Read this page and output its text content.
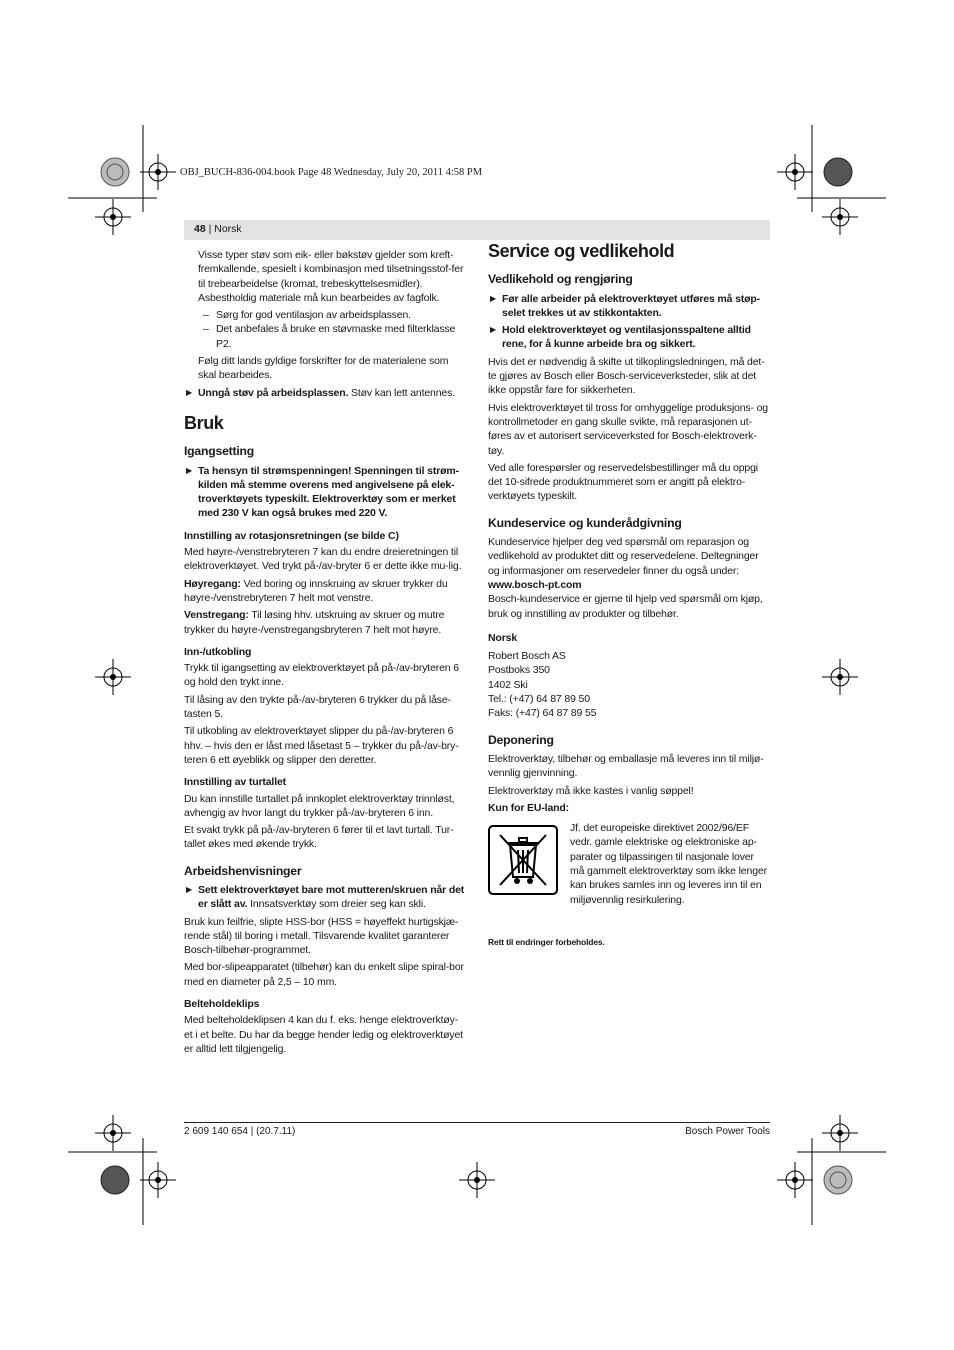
OBJ_BUCH-836-004.book Page 48 Wednesday, July 20, 2011 4:58 PM
48 | Norsk

Visse typer støv som eik- eller bøkstøv gjelder som kreft-fremkallende, spesielt i kombinasjon med tilsetningsstof-fer til trebearbeidelse (kromat, trebeskyttelsesmidler). Asbestholdig materiale må kun bearbeides av fagfolk.

– Sørg for god ventilasjon av arbeidsplassen.

– Det anbefales å bruke en støvmaske med filterklasse P2.

Følg ditt lands gyldige forskrifter for de materialene som skal bearbeides.

▶ Unngå støv på arbeidsplassen. Støv kan lett antennes.

Bruk
Igangsetting

▶ Ta hensyn til strømspenningen! Spenningen til strøm-kilden må stemme overens med angivelsene på elek-troverktøyets typeskilt. Elektroverktøy som er merket med 230 V kan også brukes med 220 V.

Innstilling av rotasjonsretningen (se bilde C)

Med høyre-/venstrebryteren 7 kan du endre dreieretningen til elektroverktøyet. Ved trykt på-/av-bryter 6 er dette ikke mu-lig.

Høyregang: Ved boring og innskruing av skruer trykker du høyre-/venstrebryteren 7 helt mot venstre.

Venstregang: Til løsing hhv. utskruing av skruer og mutre trykker du høyre-/venstregangsbryteren 7 helt mot høyre.

Inn-/utkobling

Trykk til igangsetting av elektroverktøyet på på-/av-bryteren 6 og hold den trykt inne.

Til låsing av den trykte på-/av-bryteren 6 trykker du på låse-tasten 5.

Til utkobling av elektroverktøyet slipper du på-/av-bryteren 6 hhv. – hvis den er låst med låsetast 5 – trykker du på-/av-bry-teren 6 ett øyeblikk og slipper den deretter.

Innstilling av turtallet

Du kan innstille turtallet på innkoplet elektroverktøy trinnløst, avhengig av hvor langt du trykker på-/av-bryteren 6 inn.

Et svakt trykk på på-/av-bryteren 6 fører til et lavt turtall. Tur-tallet økes med økende trykk.

Arbeidshenvisninger

▶ Sett elektroverktøyet bare mot mutteren/skruen når det er slått av. Innsatsverktøy som dreier seg kan skli.

Bruk kun feilfrie, slipte HSS-bor (HSS = høyeffekt hurtigskjæ-rende stål) til boring i metall. Tilsvarende kvalitet garanterer Bosch-tilbehør-programmet.

Med bor-slipeapparatet (tilbehør) kan du enkelt slipe spiral-bor med en diameter på 2,5 – 10 mm.

Belteholdeklips

Med belteholdeklipsen 4 kan du f. eks. henge elektroverktøy-et i et belte. Du har da begge hender ledig og elektroverktøyet er alltid lett tilgjengelig.

Service og vedlikehold
Vedlikehold og rengjøring

▶ Før alle arbeider på elektroverktøyet utføres må støp-selet trekkes ut av stikkontakten.

▶ Hold elektroverktøyet og ventilasjonsspaltene alltid rene, for å kunne arbeide bra og sikkert.

Hvis det er nødvendig å skifte ut tilkoplingsledningen, må det-te gjøres av Bosch eller Bosch-serviceverksteder, slik at det ikke oppstår fare for sikkerheten.

Hvis elektroverktøyet til tross for omhyggelige produksjons- og kontrollmetoder en gang skulle svikte, må reparasjonen ut-føres av et autorisert serviceverksted for Bosch-elektroverk-tøy.

Ved alle forespørsler og reservedelsbestillinger må du oppgi det 10-sifrede produktnummeret som er angitt på elektro-verktøyets typeskilt.

Kundeservice og kunderådgivning

Kundeservice hjelper deg ved spørsmål om reparasjon og vedlikehold av produktet ditt og reservedelene. Deltegninger og informasjoner om reservedeler finner du også under:

www.bosch-pt.com

Bosch-kundeservice er gjerne til hjelp ved spørsmål om kjøp, bruk og innstilling av produkter og tilbehør.

Norsk
Robert Bosch AS
Postboks 350
1402 Ski
Tel.: (+47) 64 87 89 50
Faks: (+47) 64 87 89 55
Deponering

Elektroverktøy, tilbehør og emballasje må leveres inn til miljø-vennlig gjenvinning.

Elektroverktøy må ikke kastes i vanlig søppel!

Kun for EU-land:
Jf. det europeiske direktivet 2002/96/EF vedr. gamle elektriske og elektroniske ap-parater og tilpassingen til nasjonale lover må gammelt elektroverktøy som ikke lenger kan brukes samles inn og leveres inn til en miljøvennlig resirkulering.
Rett til endringer forbeholdes.
2 609 140 654 | (20.7.11)	Bosch Power Tools
